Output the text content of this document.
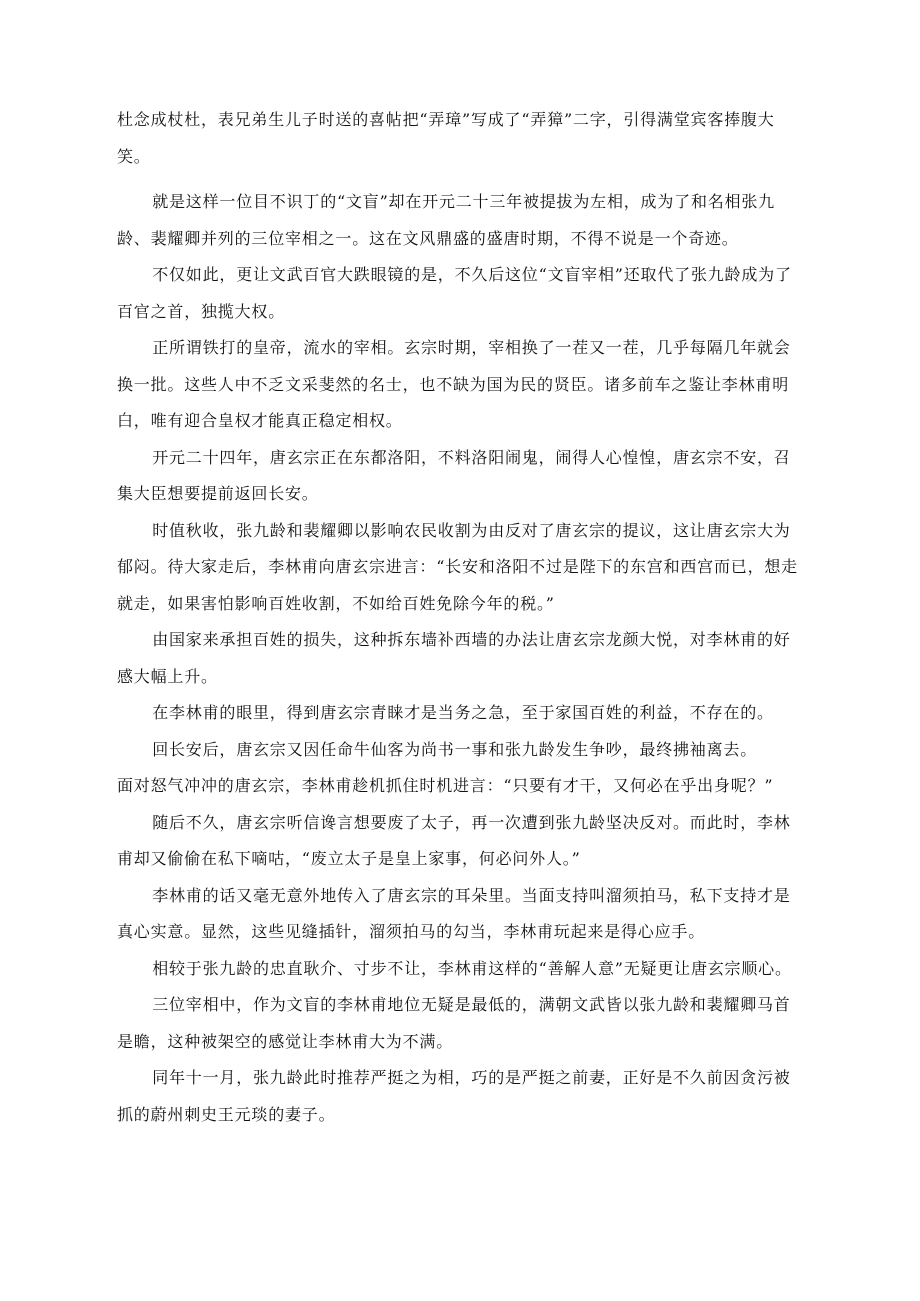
杜念成杖杜，表兄弟生儿子时送的喜帖把“弄璋”写成了“弄獐”二字，引得满堂宾客捧腹大笑。

就是这样一位目不识丁的“文盲”却在开元二十三年被提拔为左相，成为了和名相张九龄、裴耀卿并列的三位宰相之一。这在文风鼎盛的盛唐时期，不得不说是一个奇迹。

不仅如此，更让文武百官大跌眼镜的是，不久后这位“文盲宰相”还取代了张九龄成为了百官之首，独揽大权。

正所谓铁打的皇帝，流水的宰相。玄宗时期，宰相换了一茬又一茬，几乎每隔几年就会换一批。这些人中不乏文采斐然的名士，也不缺为国为民的贤臣。诸多前车之鉴让李林甫明白，唯有迎合皇权才能真正稳定相权。

开元二十四年，唐玄宗正在东都洛阳，不料洛阳闹鬼，闹得人心惶惶，唐玄宗不安，召集大臣想要提前返回长安。

时值秋收，张九龄和裴耀卿以影响农民收割为由反对了唐玄宗的提议，这让唐玄宗大为郁闷。待大家走后，李林甫向唐玄宗进言：“长安和洛阳不过是陛下的东宫和西宫而已，想走就走，如果害怕影响百姓收割，不如给百姓免除今年的税。”

由国家来承担百姓的损失，这种拆东墙补西墙的办法让唐玄宗龙颜大悦，对李林甫的好感大幅上升。

在李林甫的眼里，得到唐玄宗青睐才是当务之急，至于家国百姓的利益，不存在的。

回长安后，唐玄宗又因任命牛仙客为尚书一事和张九龄发生争吵，最终拂袖离去。

面对怒气冲冲的唐玄宗，李林甫趁机抓住时机进言：“只要有才干，又何必在乎出身呢？”

随后不久，唐玄宗听信谗言想要废了太子，再一次遭到张九龄坚决反对。而此时，李林甫却又偷偷在私下嘀咕，“废立太子是皇上家事，何必问外人。”

李林甫的话又毫无意外地传入了唐玄宗的耳朵里。当面支持叫溜须拍马，私下支持才是真心实意。显然，这些见缝插针，溜须拍马的勾当，李林甫玩起来是得心应手。

相较于张九龄的忠直耿介、寸步不让，李林甫这样的“善解人意”无疑更让唐玄宗顺心。

三位宰相中，作为文盲的李林甫地位无疑是最低的，满朝文武皆以张九龄和裴耀卿马首是瞻，这种被架空的感觉让李林甫大为不满。

同年十一月，张九龄此时推荐严挺之为相，巧的是严挺之前妻，正好是不久前因贪污被抓的蔚州刺史王元琰的妻子。
